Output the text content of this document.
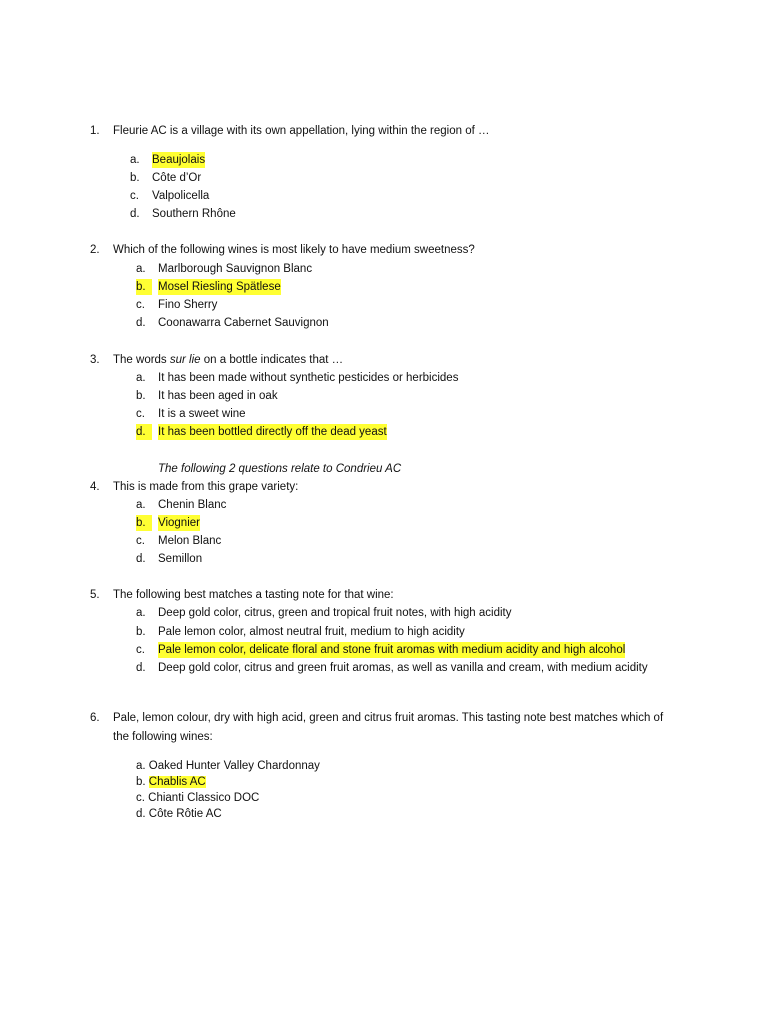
1. Fleurie AC is a village with its own appellation, lying within the region of …
a. Beaujolais
b. Côte d’Or
c. Valpolicella
d. Southern Rhône
2. Which of the following wines is most likely to have medium sweetness?
a. Marlborough Sauvignon Blanc
b.	Mosel Riesling Spätlese
c. Fino Sherry
d. Coonawarra Cabernet Sauvignon
3. The words sur lie on a bottle indicates that …
a. It has been made without synthetic pesticides or herbicides
b. It has been aged in oak
c. It is a sweet wine
d.	It has been bottled directly off the dead yeast
The following 2 questions relate to Condrieu AC
4. This is made from this grape variety:
a. Chenin Blanc
b.	Viognier
c. Melon Blanc
d. Semillon
5. The following best matches a tasting note for that wine:
a. Deep gold color, citrus, green and tropical fruit notes, with high acidity
b. Pale lemon color, almost neutral fruit, medium to high acidity
c. Pale lemon color, delicate floral and stone fruit aromas with medium acidity and high alcohol
d. Deep gold color, citrus and green fruit aromas, as well as vanilla and cream, with medium acidity
6. Pale, lemon colour, dry with high acid, green and citrus fruit aromas. This tasting note best matches which of
the following wines:
a. Oaked Hunter Valley Chardonnay
b. Chablis AC
c. Chianti Classico DOC
d. Côte Rôtie AC
